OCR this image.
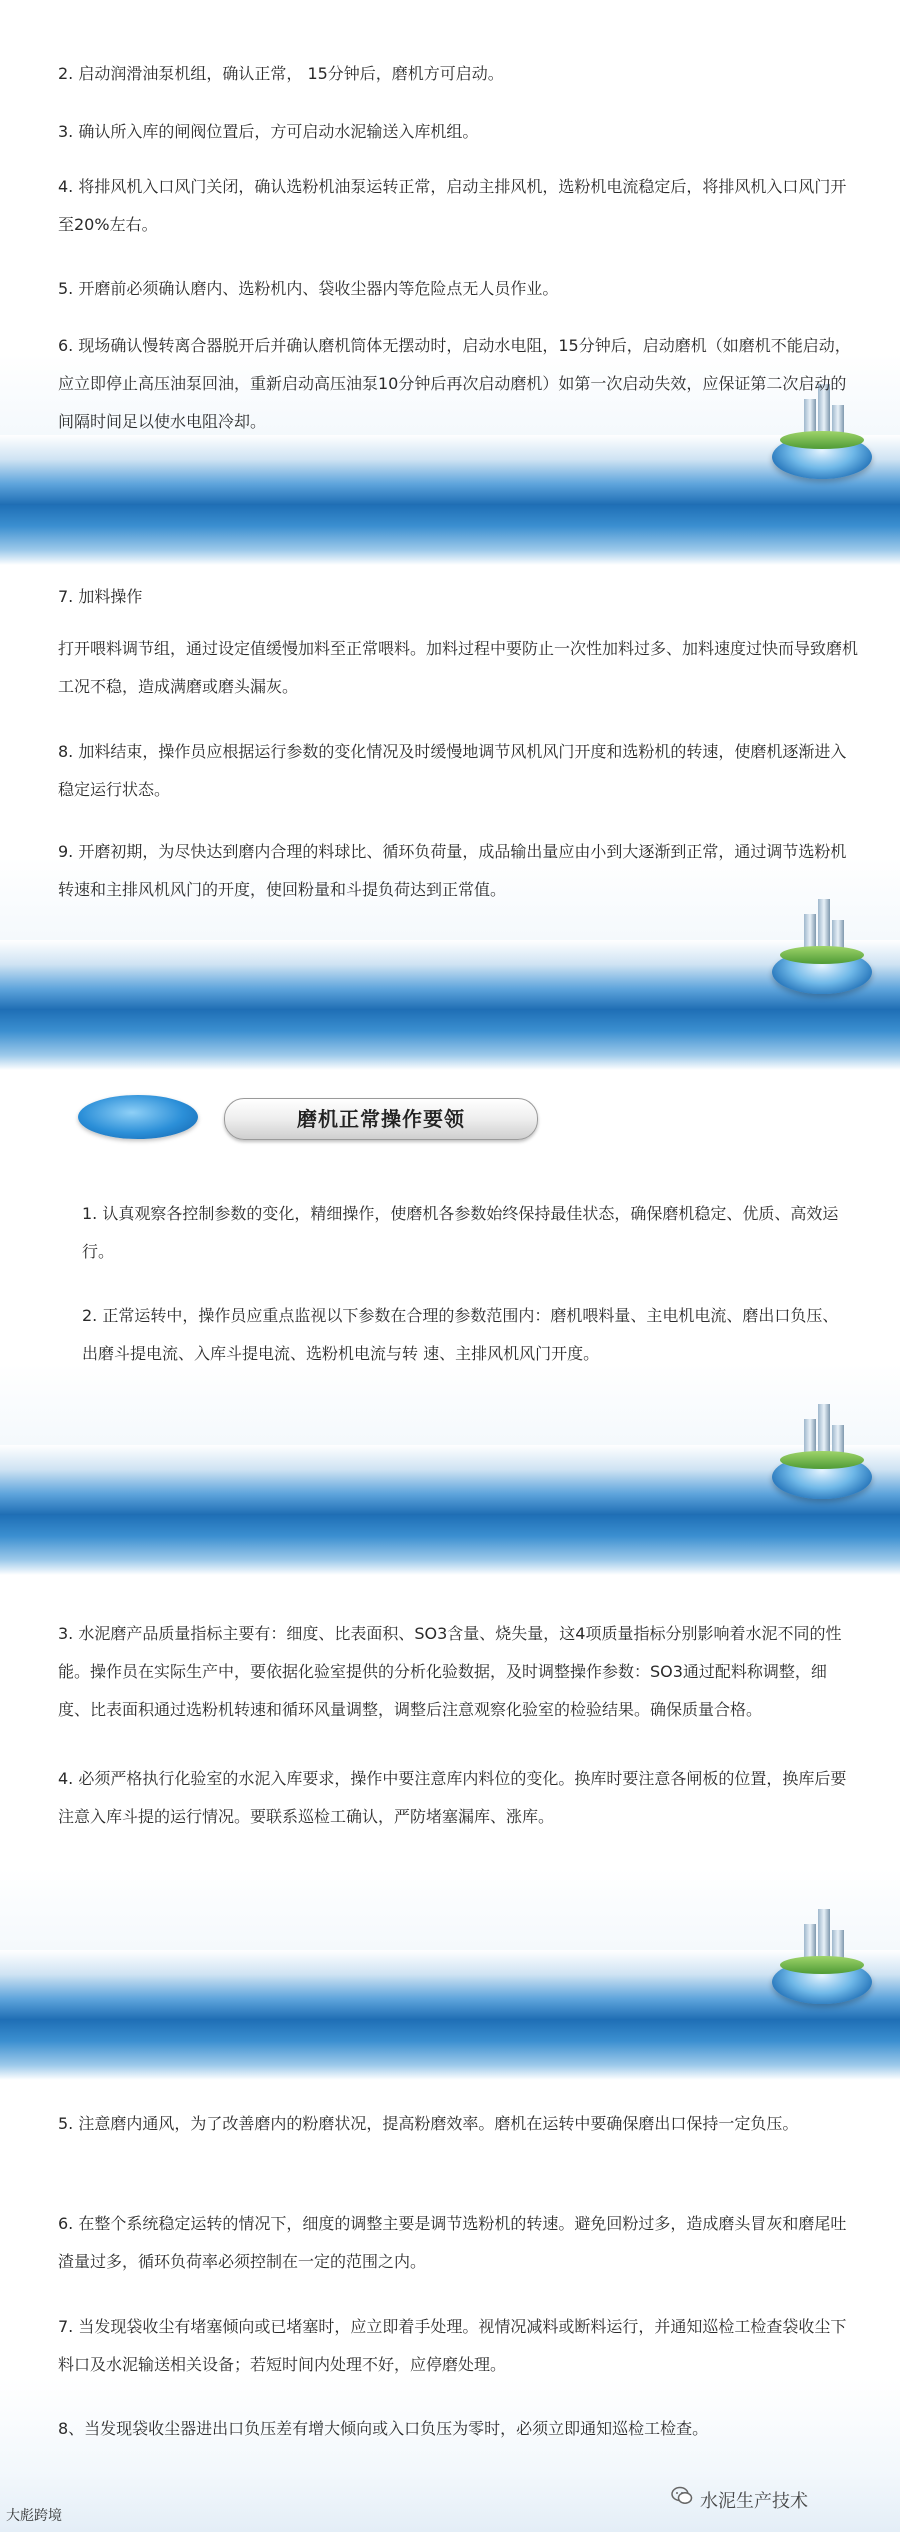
2. 启动润滑油泵机组，确认正常， 15分钟后，磨机方可启动。
3. 确认所入库的闸阀位置后，方可启动水泥输送入库机组。
4. 将排风机入口风门关闭，确认选粉机油泵运转正常，启动主排风机，选粉机电流稳定后，将排风机入口风门开至20%左右。
5. 开磨前必须确认磨内、选粉机内、袋收尘器内等危险点无人员作业。
6. 现场确认慢转离合器脱开后并确认磨机筒体无摆动时，启动水电阻，15分钟后，启动磨机（如磨机不能启动，应立即停止高压油泵回油，重新启动高压油泵10分钟后再次启动磨机）如第一次启动失效，应保证第二次启动的间隔时间足以使水电阻冷却。
7. 加料操作
打开喂料调节组，通过设定值缓慢加料至正常喂料。加料过程中要防止一次性加料过多、加料速度过快而导致磨机工况不稳，造成满磨或磨头漏灰。
8. 加料结束，操作员应根据运行参数的变化情况及时缓慢地调节风机风门开度和选粉机的转速，使磨机逐渐进入稳定运行状态。
9. 开磨初期，为尽快达到磨内合理的料球比、循环负荷量，成品输出量应由小到大逐渐到正常，通过调节选粉机转速和主排风机风门的开度，使回粉量和斗提负荷达到正常值。
1. 认真观察各控制参数的变化，精细操作，使磨机各参数始终保持最佳状态，确保磨机稳定、优质、高效运行。
2. 正常运转中，操作员应重点监视以下参数在合理的参数范围内：磨机喂料量、主电机电流、磨出口负压、出磨斗提电流、入库斗提电流、选粉机电流与转 速、主排风机风门开度。
磨机正常操作要领
3. 水泥磨产品质量指标主要有：细度、比表面积、SO3含量、烧失量，这4项质量指标分别影响着水泥不同的性能。操作员在实际生产中，要依据化验室提供的分析化验数据，及时调整操作参数：SO3通过配料称调整，细度、比表面积通过选粉机转速和循环风量调整，调整后注意观察化验室的检验结果。确保质量合格。
4. 必须严格执行化验室的水泥入库要求，操作中要注意库内料位的变化。换库时要注意各闸板的位置，换库后要注意入库斗提的运行情况。要联系巡检工确认，严防堵塞漏库、涨库。
5. 注意磨内通风，为了改善磨内的粉磨状况，提高粉磨效率。磨机在运转中要确保磨出口保持一定负压。
6. 在整个系统稳定运转的情况下，细度的调整主要是调节选粉机的转速。避免回粉过多，造成磨头冒灰和磨尾吐渣量过多，循环负荷率必须控制在一定的范围之内。
7. 当发现袋收尘有堵塞倾向或已堵塞时，应立即着手处理。视情况减料或断料运行，并通知巡检工检查袋收尘下料口及水泥输送相关设备；若短时间内处理不好，应停磨处理。
8、当发现袋收尘器进出口负压差有增大倾向或入口负压为零时，必须立即通知巡检工检查。
水泥生产技术
大彪跨境
